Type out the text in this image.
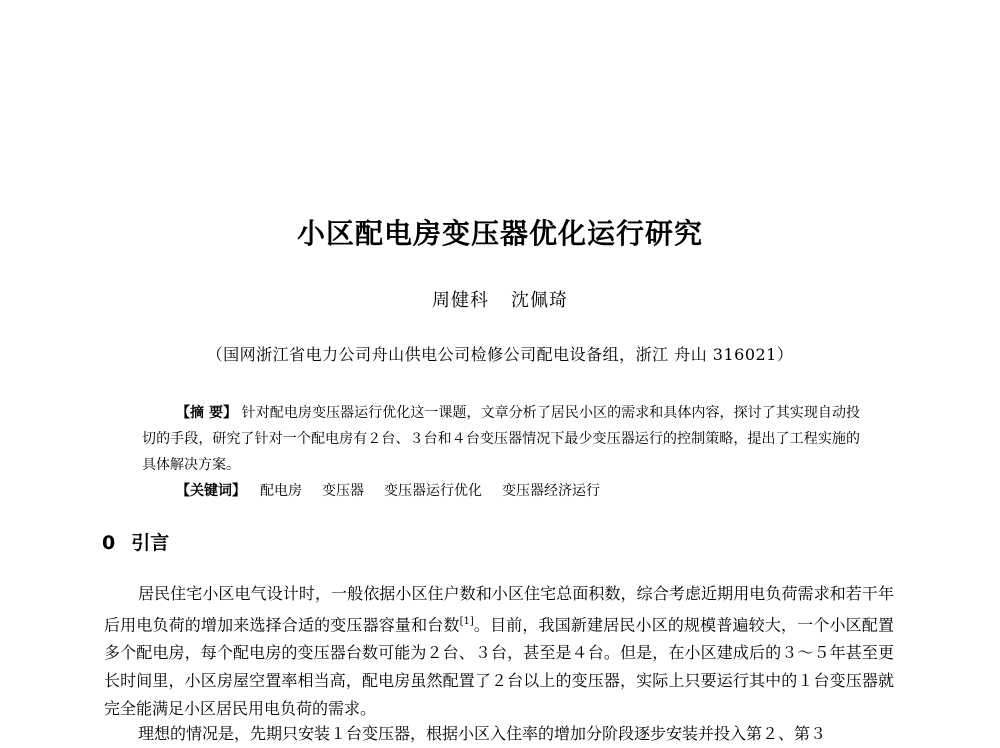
小区配电房变压器优化运行研究
周健科 沈佩琦
（国网浙江省电力公司舟山供电公司检修公司配电设备组，浙江 舟山 316021）

【摘 要】 针对配电房变压器运行优化这一课题，文章分析了居民小区的需求和具体内容，探讨了其实现自动投切的手段，研究了针对一个配电房有２台、３台和４台变压器情况下最少变压器运行的控制策略，提出了工程实施的具体解决方案。

【关键词】 配电房 变压器 变压器运行优化 变压器经济运行
0 引言

居民住宅小区电气设计时，一般依据小区住户数和小区住宅总面积数，综合考虑近期用电负荷需求和若干年后用电负荷的增加来选择合适的变压器容量和台数[1]。目前，我国新建居民小区的规模普遍较大，一个小区配置多个配电房，每个配电房的变压器台数可能为２台、３台，甚至是４台。但是，在小区建成后的３～５年甚至更长时间里，小区房屋空置率相当高，配电房虽然配置了２台以上的变压器，实际上只要运行其中的１台变压器就完全能满足小区居民用电负荷的需求。

理想的情况是，先期只安装１台变压器，根据小区入住率的增加分阶段逐步安装并投入第２、第３
